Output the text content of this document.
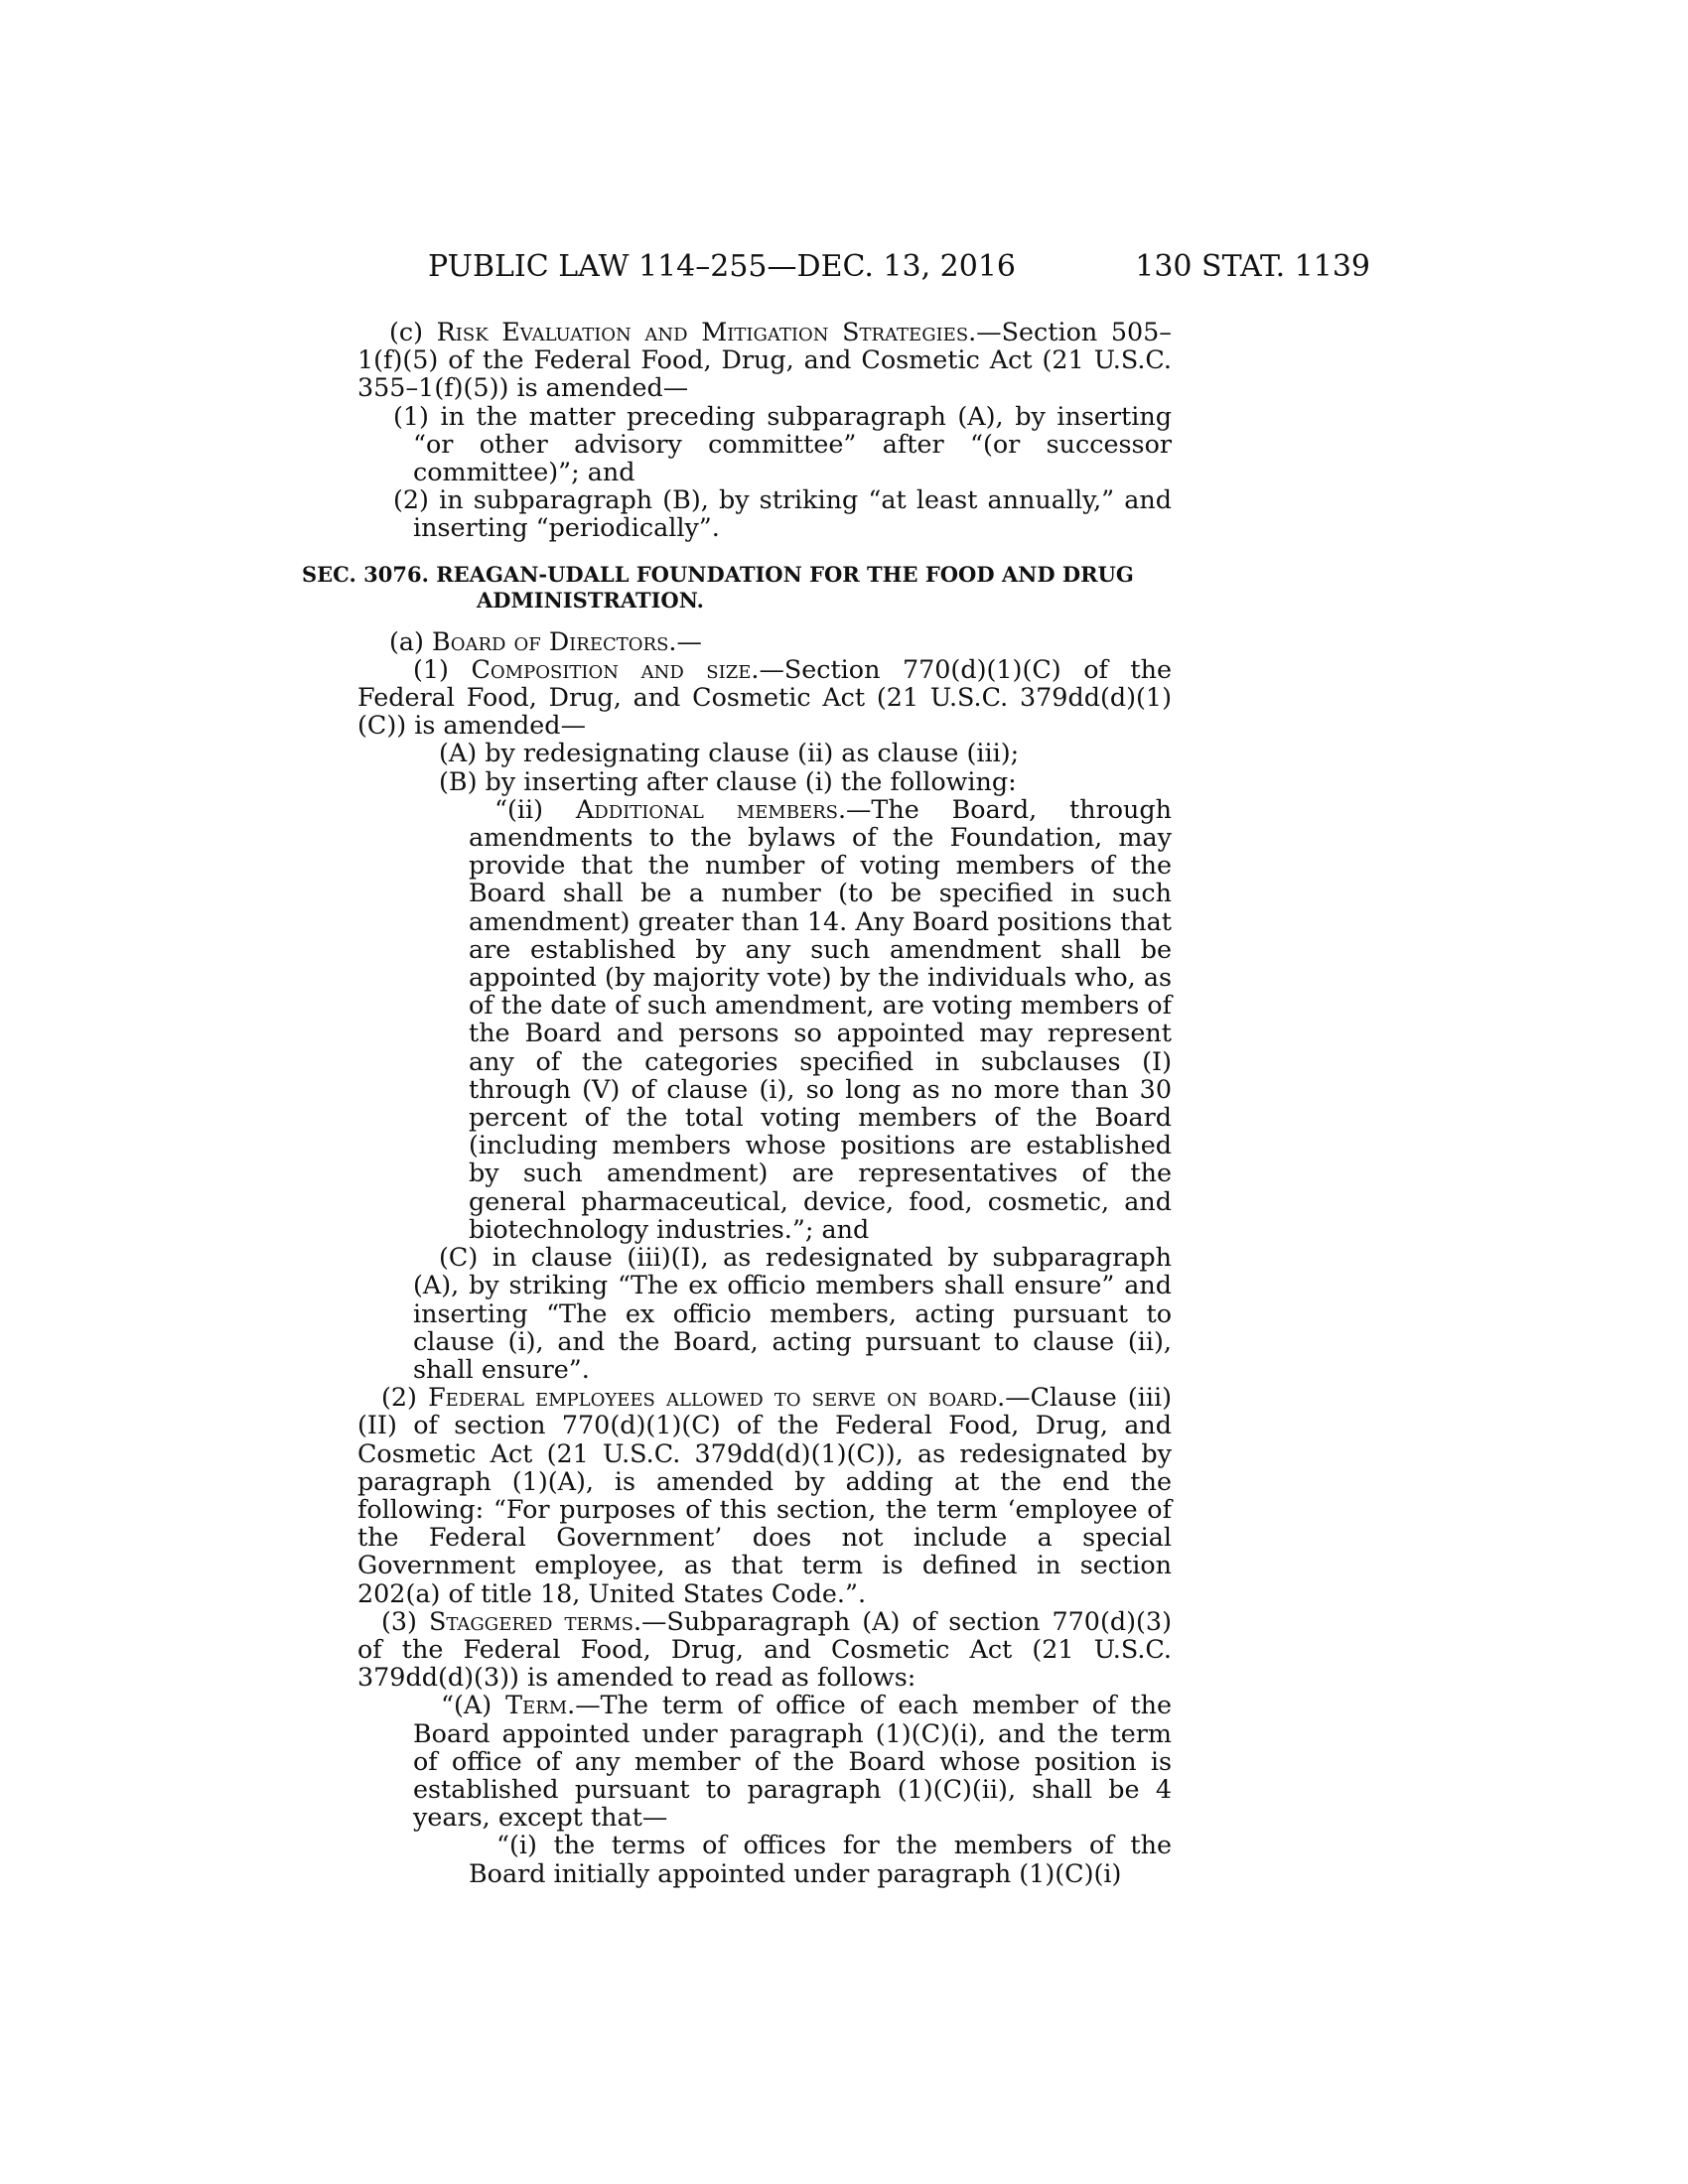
PUBLIC LAW 114–255—DEC. 13, 2016	130 STAT. 1139

(c) Risk Evaluation and Mitigation Strategies.—Section 505–1(f)(5) of the Federal Food, Drug, and Cosmetic Act (21 U.S.C. 355–1(f)(5)) is amended—

(1) in the matter preceding subparagraph (A), by inserting “or other advisory committee” after “(or successor committee)”; and

(2) in subparagraph (B), by striking “at least annually,” and inserting “periodically”.

SEC. 3076. REAGAN-UDALL FOUNDATION FOR THE FOOD AND DRUG
ADMINISTRATION.

(a) Board of Directors.—

(1) Composition and size.—Section 770(d)(1)(C) of the Federal Food, Drug, and Cosmetic Act (21 U.S.C. 379dd(d)(1)(C)) is amended—

(A) by redesignating clause (ii) as clause (iii);

(B) by inserting after clause (i) the following:

“(ii) Additional members.—The Board, through amendments to the bylaws of the Foundation, may provide that the number of voting members of the Board shall be a number (to be specified in such amendment) greater than 14. Any Board positions that are established by any such amendment shall be appointed (by majority vote) by the individuals who, as of the date of such amendment, are voting members of the Board and persons so appointed may represent any of the categories specified in subclauses (I) through (V) of clause (i), so long as no more than 30 percent of the total voting members of the Board (including members whose positions are established by such amendment) are representatives of the general pharmaceutical, device, food, cosmetic, and biotechnology industries.”; and

(C) in clause (iii)(I), as redesignated by subparagraph (A), by striking “The ex officio members shall ensure” and inserting “The ex officio members, acting pursuant to clause (i), and the Board, acting pursuant to clause (ii), shall ensure”.

(2) Federal employees allowed to serve on board.—Clause (iii)(II) of section 770(d)(1)(C) of the Federal Food, Drug, and Cosmetic Act (21 U.S.C. 379dd(d)(1)(C)), as redesignated by paragraph (1)(A), is amended by adding at the end the following: “For purposes of this section, the term ‘employee of the Federal Government’ does not include a special Government employee, as that term is defined in section 202(a) of title 18, United States Code.”.

(3) Staggered terms.—Subparagraph (A) of section 770(d)(3) of the Federal Food, Drug, and Cosmetic Act (21 U.S.C. 379dd(d)(3)) is amended to read as follows:

“(A) Term.—The term of office of each member of the Board appointed under paragraph (1)(C)(i), and the term of office of any member of the Board whose position is established pursuant to paragraph (1)(C)(ii), shall be 4 years, except that—

“(i) the terms of offices for the members of the Board initially appointed under paragraph (1)(C)(i)
